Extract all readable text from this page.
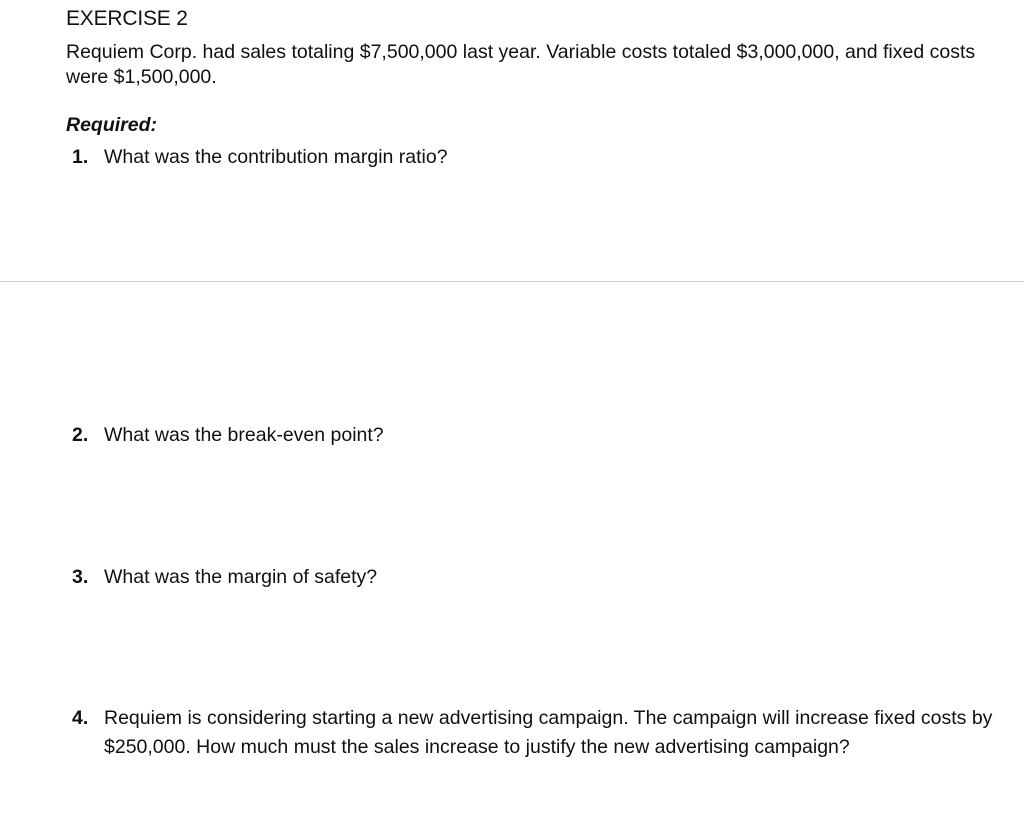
EXERCISE 2
Requiem Corp. had sales totaling $7,500,000 last year. Variable costs totaled $3,000,000, and fixed costs were $1,500,000.
Required:
1. What was the contribution margin ratio?
2. What was the break-even point?
3. What was the margin of safety?
4. Requiem is considering starting a new advertising campaign. The campaign will increase fixed costs by $250,000. How much must the sales increase to justify the new advertising campaign?
